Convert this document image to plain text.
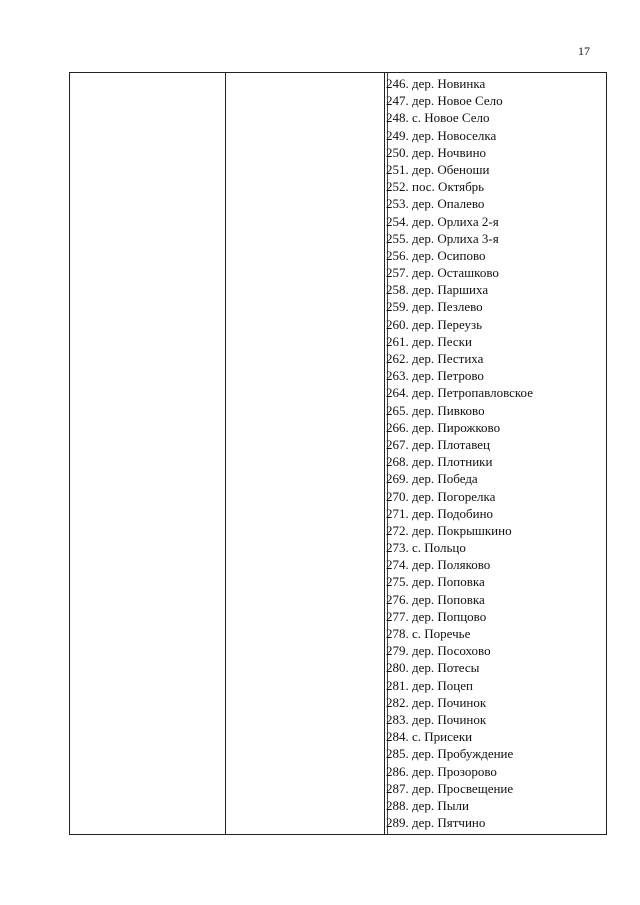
17
246. дер. Новинка
247. дер. Новое Село
248. с. Новое Село
249. дер. Новоселка
250. дер. Ночвино
251. дер. Обеноши
252. пос. Октябрь
253. дер. Опалево
254. дер. Орлиха 2-я
255. дер. Орлиха 3-я
256. дер. Осипово
257. дер. Осташково
258. дер. Паршиха
259. дер. Пезлево
260. дер. Переузь
261. дер. Пески
262. дер. Пестиха
263. дер. Петрово
264. дер. Петропавловское
265. дер. Пивково
266. дер. Пирожково
267. дер. Плотавец
268. дер. Плотники
269. дер. Победа
270. дер. Погорелка
271. дер. Подобино
272. дер. Покрышкино
273. с. Польцо
274. дер. Поляково
275. дер. Поповка
276. дер. Поповка
277. дер. Попцово
278. с. Поречье
279. дер. Посохово
280. дер. Потесы
281. дер. Поцеп
282. дер. Починок
283. дер. Починок
284. с. Присеки
285. дер. Пробуждение
286. дер. Прозорово
287. дер. Просвещение
288. дер. Пыли
289. дер. Пятчино
